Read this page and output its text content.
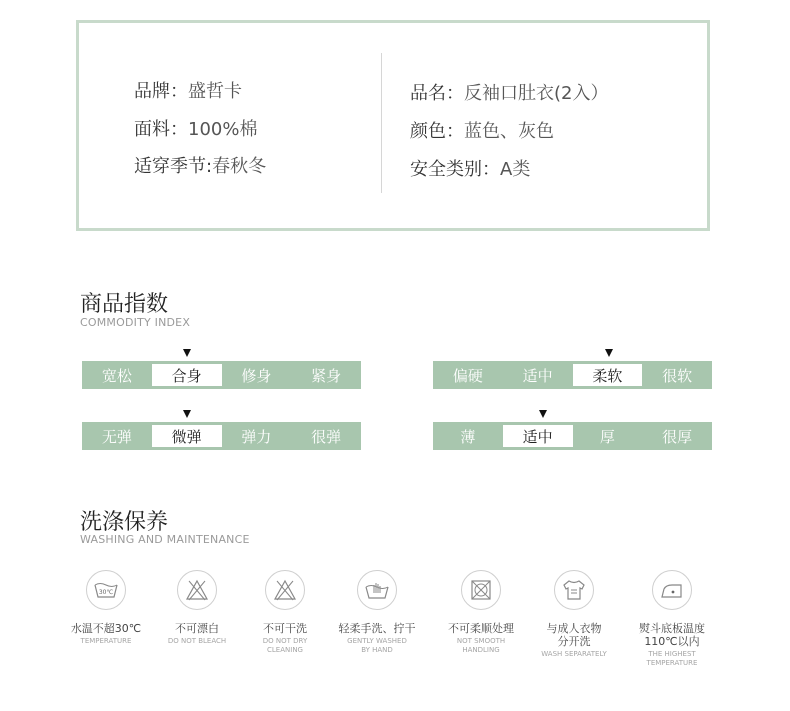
品牌：盛哲卡
面料：100%棉
适穿季节:春秋冬
品名：反袖口肚衣(2入）
颜色：蓝色、灰色
安全类别：A类
商品指数
COMMODITY INDEX
宽松	合身	修身	紧身	偏硬	适中	柔软	很软
无弹	微弹	弹力	很弹	薄	适中	厚	很厚
洗涤保养
WASHING AND MAINTENANCE
30℃
水温不超30℃
TEMPERATURE
不可漂白
DO NOT BLEACH
不可干洗
DO NOT DRY
CLEANING
轻柔手洗、拧干
GENTLY WASHED
BY HAND
不可柔顺处理
NOT SMOOTH
HANDLING
与成人衣物
分开洗
WASH SEPARATELY
熨斗底板温度
110℃以内
THE HIGHEST TEMPERATURE
